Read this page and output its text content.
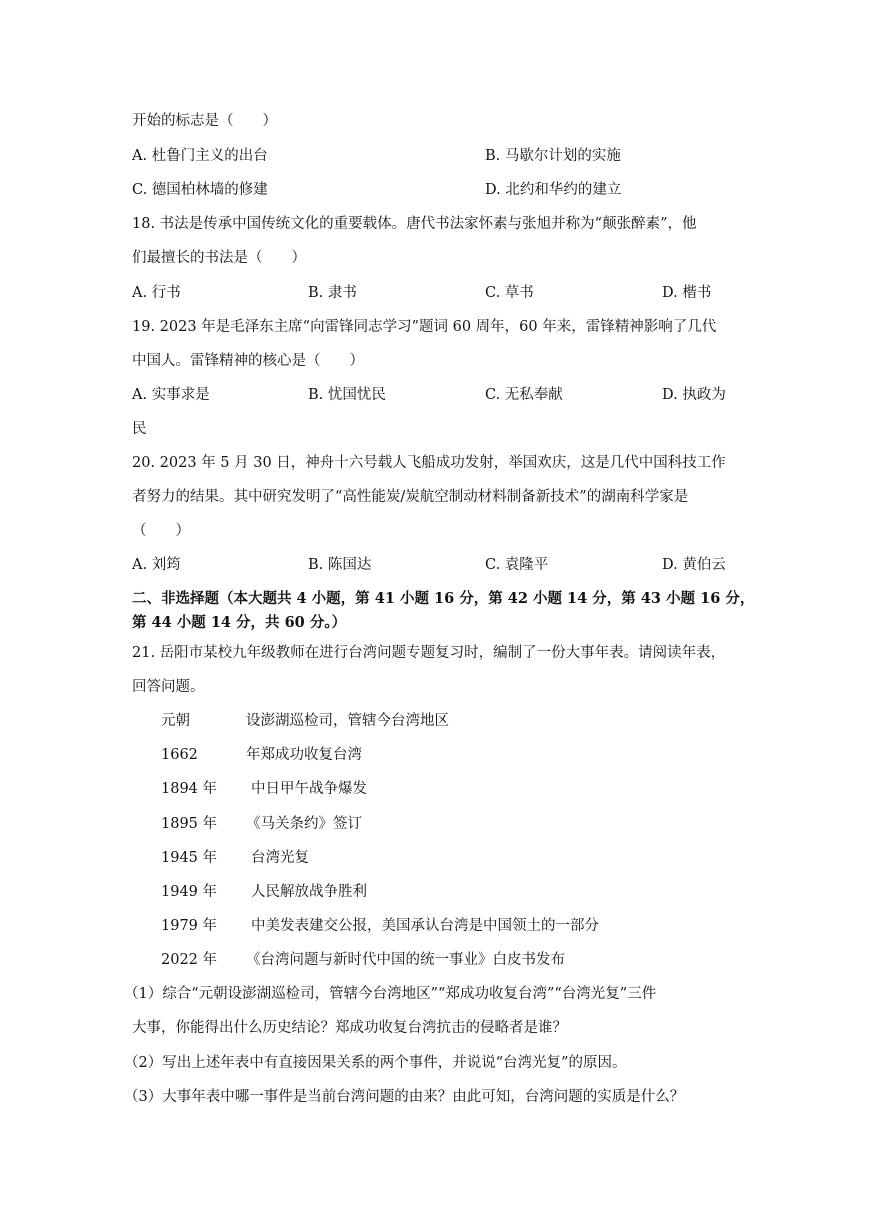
开始的标志是（　　）
A. 杜鲁门主义的出台	B. 马歇尔计划的实施
C. 德国柏林墙的修建	D. 北约和华约的建立
18. 书法是传承中国传统文化的重要载体。唐代书法家怀素与张旭并称为“颠张醉素”，他
们最擅长的书法是（　　）
A. 行书	B. 隶书	C. 草书	D. 楷书
19. 2023 年是毛泽东主席“向雷锋同志学习”题词 60 周年，60 年来，雷锋精神影响了几代
中国人。雷锋精神的核心是（　　）
A. 实事求是	B. 忧国忧民	C. 无私奉献	D. 执政为
民
20. 2023 年 5 月 30 日，神舟十六号载人飞船成功发射，举国欢庆，这是几代中国科技工作
者努力的结果。其中研究发明了“高性能炭/炭航空制动材料制备新技术”的湖南科学家是
（　　）
A. 刘筠	B. 陈国达	C. 袁隆平	D. 黄伯云
二、非选择题（本大题共 4 小题，第 41 小题 16 分，第 42 小题 14 分，第 43 小题 16 分，
第 44 小题 14 分，共 60 分。）
21. 岳阳市某校九年级教师在进行台湾问题专题复习时，编制了一份大事年表。请阅读年表，
回答问题。
元朝	设澎湖巡检司，管辖今台湾地区
1662	年郑成功收复台湾
1894 年 中日甲午战争爆发
1895 年 《马关条约》签订
1945 年 台湾光复
1949 年 人民解放战争胜利
1979 年 中美发表建交公报，美国承认台湾是中国领土的一部分
2022 年 《台湾问题与新时代中国的统一事业》白皮书发布
（1）综合“元朝设澎湖巡检司，管辖今台湾地区”“郑成功收复台湾”“台湾光复”三件
大事，你能得出什么历史结论？郑成功收复台湾抗击的侵略者是谁？
（2）写出上述年表中有直接因果关系的两个事件，并说说“台湾光复”的原因。
（3）大事年表中哪一事件是当前台湾问题的由来？由此可知，台湾问题的实质是什么？
